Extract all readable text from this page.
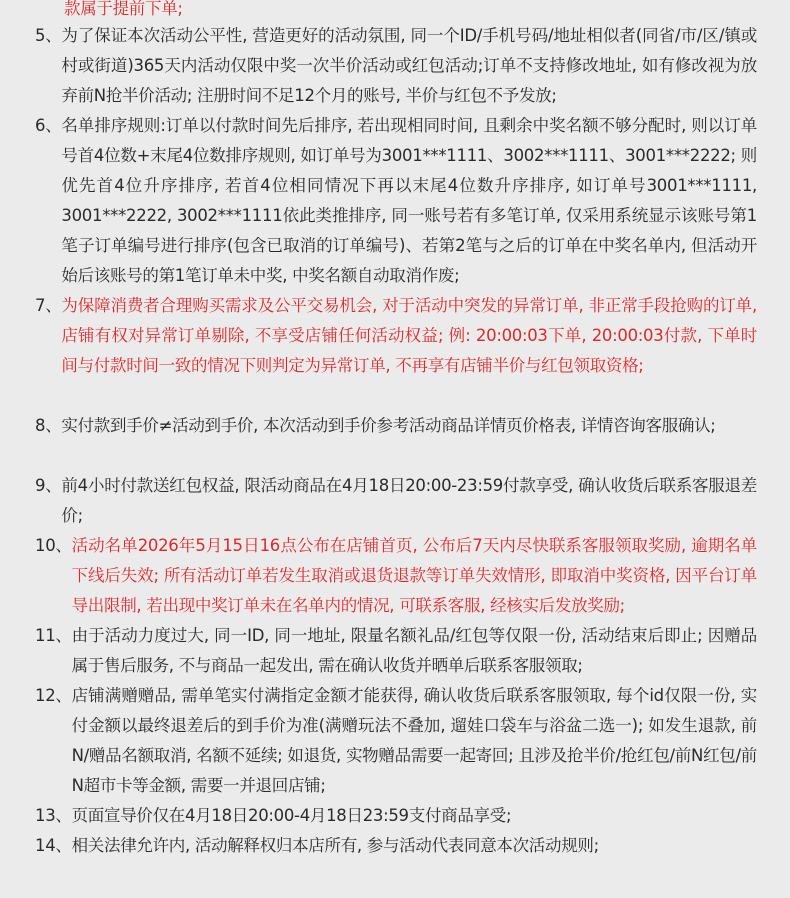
款属于提前下单;
5、 为了保证本次活动公平性, 营造更好的活动氛围, 同一个ID/手机号码/地址相似者(同省/市/区/镇或村或街道)365天内活动仅限中奖一次半价活动或红包活动;订单不支持修改地址, 如有修改视为放弃前N抢半价活动; 注册时间不足12个月的账号, 半价与红包不予发放;
6、 名单排序规则:订单以付款时间先后排序, 若出现相同时间, 且剩余中奖名额不够分配时, 则以订单号首4位数+末尾4位数排序规则, 如订单号为3001***1111、3002***1111、3001***2222; 则优先首4位升序排序, 若首4位相同情况下再以末尾4位数升序排序, 如订单号3001***1111, 3001***2222, 3002***1111依此类推排序, 同一账号若有多笔订单, 仅采用系统显示该账号第1笔子订单编号进行排序(包含已取消的订单编号)、若第2笔与之后的订单在中奖名单内, 但活动开始后该账号的第1笔订单未中奖, 中奖名额自动取消作废;
7、 为保障消费者合理购买需求及公平交易机会, 对于活动中突发的异常订单, 非正常手段抢购的订单, 店铺有权对异常订单剔除, 不享受店铺任何活动权益; 例: 20:00:03下单, 20:00:03付款, 下单时间与付款时间一致的情况下则判定为异常订单, 不再享有店铺半价与红包领取资格;
8、 实付款到手价≠活动到手价, 本次活动到手价参考活动商品详情页价格表, 详情咨询客服确认;
9、 前4小时付款送红包权益, 限活动商品在4月18日20:00-23:59付款享受, 确认收货后联系客服退差价;
10、 活动名单2026年5月15日16点公布在店铺首页, 公布后7天内尽快联系客服领取奖励, 逾期名单下线后失效; 所有活动订单若发生取消或退货退款等订单失效情形, 即取消中奖资格, 因平台订单导出限制, 若出现中奖订单未在名单内的情况, 可联系客服, 经核实后发放奖励;
11、 由于活动力度过大, 同一ID, 同一地址, 限量名额礼品/红包等仅限一份, 活动结束后即止; 因赠品属于售后服务, 不与商品一起发出, 需在确认收货并晒单后联系客服领取;
12、 店铺满赠赠品, 需单笔实付满指定金额才能获得, 确认收货后联系客服领取, 每个id仅限一份, 实付金额以最终退差后的到手价为准(满赠玩法不叠加, 遛娃口袋车与浴盆二选一); 如发生退款, 前N/赠品名额取消, 名额不延续; 如退货, 实物赠品需要一起寄回; 且涉及抢半价/抢红包/前N红包/前N超市卡等金额, 需要一并退回店铺;
13、 页面宣导价仅在4月18日20:00-4月18日23:59支付商品享受;
14、 相关法律允许内, 活动解释权归本店所有, 参与活动代表同意本次活动规则;
